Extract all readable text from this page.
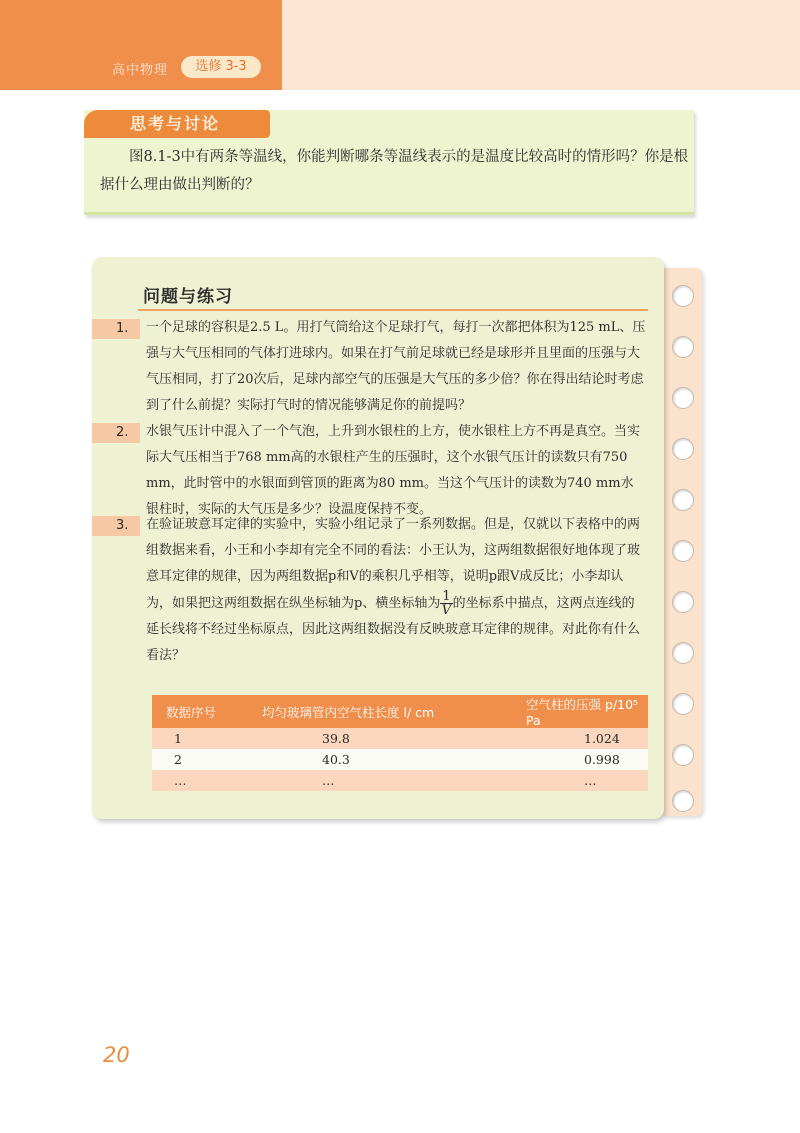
高中物理	选修 3-3
思考与讨论
图8.1-3中有两条等温线，你能判断哪条等温线表示的是温度比较高时的情形吗？你是根据什么理由做出判断的？
问题与练习
1. 一个足球的容积是2.5 L。用打气筒给这个足球打气，每打一次都把体积为125 mL、压强与大气压相同的气体打进球内。如果在打气前足球就已经是球形并且里面的压强与大气压相同，打了20次后，足球内部空气的压强是大气压的多少倍？你在得出结论时考虑到了什么前提？实际打气时的情况能够满足你的前提吗？
2. 水银气压计中混入了一个气泡，上升到水银柱的上方，使水银柱上方不再是真空。当实际大气压相当于768 mm高的水银柱产生的压强时，这个水银气压计的读数只有750 mm，此时管中的水银面到管顶的距离为80 mm。当这个气压计的读数为740 mm水银柱时，实际的大气压是多少？设温度保持不变。
3. 在验证玻意耳定律的实验中，实验小组记录了一系列数据。但是，仅就以下表格中的两组数据来看，小王和小李却有完全不同的看法：小王认为，这两组数据很好地体现了玻意耳定律的规律，因为两组数据p和V的乘积几乎相等，说明p跟V成反比；小李却认为，如果把这两组数据在纵坐标轴为p、横坐标轴为 $\frac{1}{V}$ 的坐标系中描点，这两点连线的延长线将不经过坐标原点，因此这两组数据没有反映玻意耳定律的规律。对此你有什么看法？
数据序号	均匀玻璃管内空气柱长度 l/ cm	空气柱的压强 p/10⁵ Pa
1	39.8	1.024
2	40.3	0.998
…	…	…
20
